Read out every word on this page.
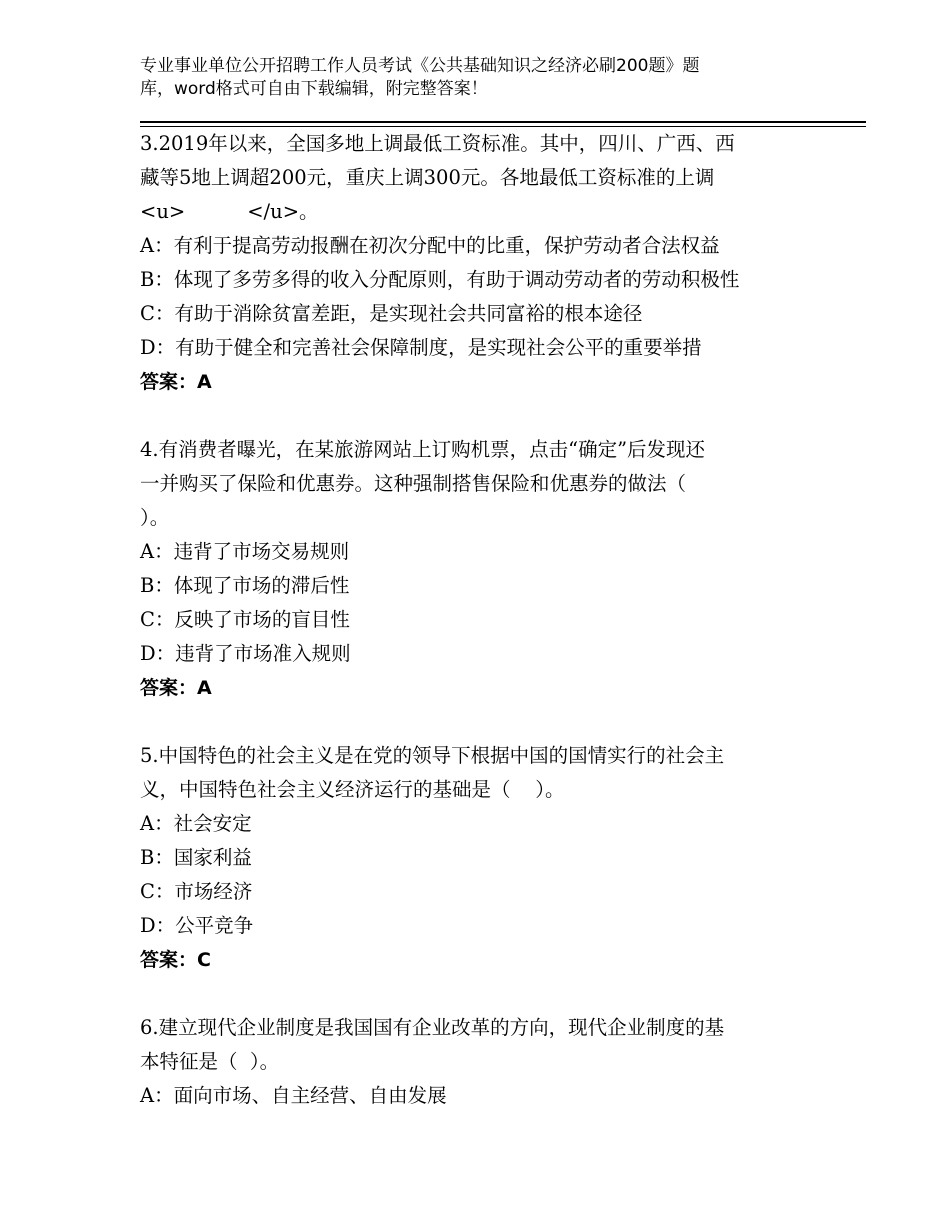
专业事业单位公开招聘工作人员考试《公共基础知识之经济必刷200题》题
库，word格式可自由下载编辑，附完整答案！
3.2019年以来，全国多地上调最低工资标准。其中，四川、广西、西
藏等5地上调超200元，重庆上调300元。各地最低工资标准的上调
<u>          </u>。
A：有利于提高劳动报酬在初次分配中的比重，保护劳动者合法权益
B：体现了多劳多得的收入分配原则，有助于调动劳动者的劳动积极性
C：有助于消除贫富差距，是实现社会共同富裕的根本途径
D：有助于健全和完善社会保障制度，是实现社会公平的重要举措
答案：A
4.有消费者曝光，在某旅游网站上订购机票，点击“确定”后发现还
一并购买了保险和优惠券。这种强制搭售保险和优惠券的做法（
）。
A：违背了市场交易规则
B：体现了市场的滞后性
C：反映了市场的盲目性
D：违背了市场准入规则
答案：A
5.中国特色的社会主义是在党的领导下根据中国的国情实行的社会主
义，中国特色社会主义经济运行的基础是（    ）。
A：社会安定
B：国家利益
C：市场经济
D：公平竞争
答案：C
6.建立现代企业制度是我国国有企业改革的方向，现代企业制度的基
本特征是（  ）。
A：面向市场、自主经营、自由发展
